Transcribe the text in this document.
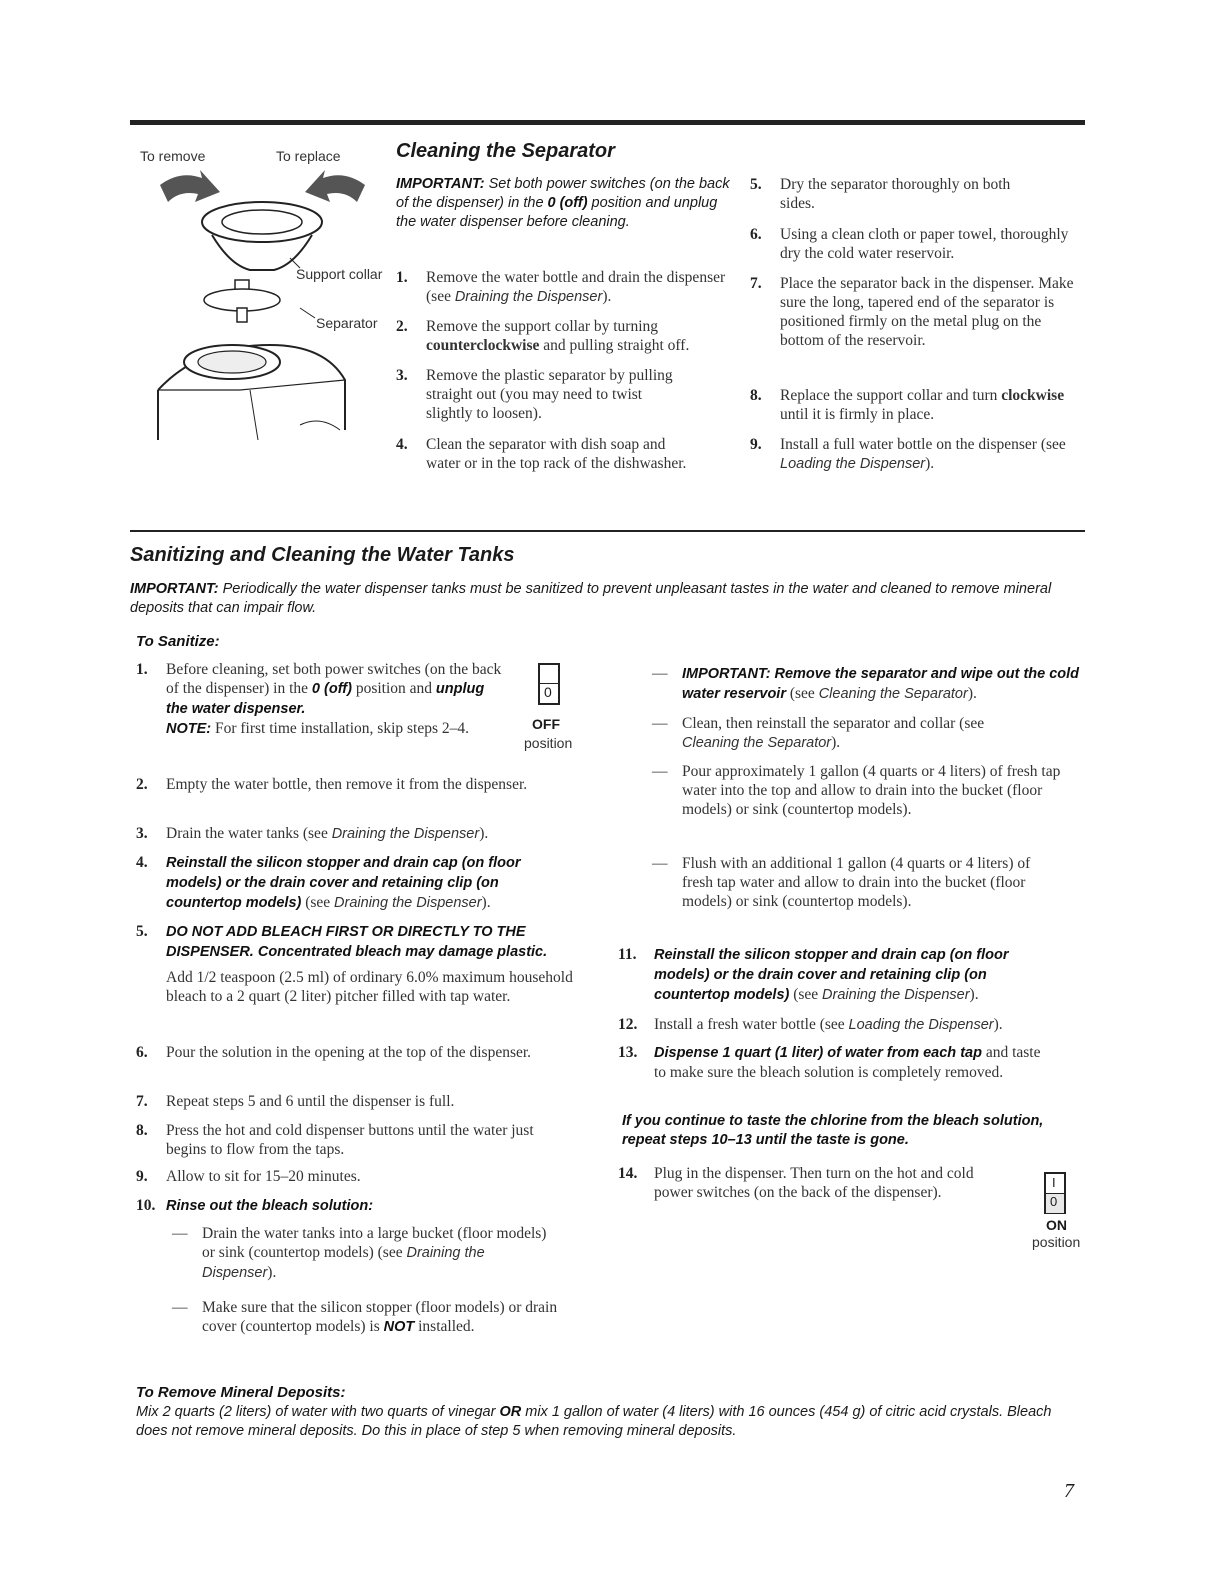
To remove	To replace
Support collar
Separator
Cleaning the Separator
IMPORTANT: Set both power switches (on the back of the dispenser) in the 0 (off) position and unplug the water dispenser before cleaning.
1. Remove the water bottle and drain the dispenser (see Draining the Dispenser).
2. Remove the support collar by turning counterclockwise and pulling straight off.
3. Remove the plastic separator by pulling straight out (you may need to twist slightly to loosen).
4. Clean the separator with dish soap and water or in the top rack of the dishwasher.
5. Dry the separator thoroughly on both sides.
6. Using a clean cloth or paper towel, thoroughly dry the cold water reservoir.
7. Place the separator back in the dispenser. Make sure the long, tapered end of the separator is positioned firmly on the metal plug on the bottom of the reservoir.
8. Replace the support collar and turn clockwise until it is firmly in place.
9. Install a full water bottle on the dispenser (see Loading the Dispenser).
Sanitizing and Cleaning the Water Tanks
IMPORTANT: Periodically the water dispenser tanks must be sanitized to prevent unpleasant tastes in the water and cleaned to remove mineral deposits that can impair flow.
To Sanitize:
1. Before cleaning, set both power switches (on the back of the dispenser) in the 0 (off) position and unplug the water dispenser.
NOTE: For first time installation, skip steps 2–4.
0
OFF
position
2. Empty the water bottle, then remove it from the dispenser.
3. Drain the water tanks (see Draining the Dispenser).
4. Reinstall the silicon stopper and drain cap (on floor models) or the drain cover and retaining clip (on countertop models) (see Draining the Dispenser).
5. DO NOT ADD BLEACH FIRST OR DIRECTLY TO THE DISPENSER. Concentrated bleach may damage plastic.
Add 1/2 teaspoon (2.5 ml) of ordinary 6.0% maximum household bleach to a 2 quart (2 liter) pitcher filled with tap water.
6. Pour the solution in the opening at the top of the dispenser.
7. Repeat steps 5 and 6 until the dispenser is full.
8. Press the hot and cold dispenser buttons until the water just begins to flow from the taps.
9. Allow to sit for 15–20 minutes.
10. Rinse out the bleach solution:
— Drain the water tanks into a large bucket (floor models) or sink (countertop models) (see Draining the Dispenser).
— Make sure that the silicon stopper (floor models) or drain cover (countertop models) is NOT installed.
— IMPORTANT: Remove the separator and wipe out the cold water reservoir (see Cleaning the Separator).
— Clean, then reinstall the separator and collar (see Cleaning the Separator).
— Pour approximately 1 gallon (4 quarts or 4 liters) of fresh tap water into the top and allow to drain into the bucket (floor models) or sink (countertop models).
— Flush with an additional 1 gallon (4 quarts or 4 liters) of fresh tap water and allow to drain into the bucket (floor models) or sink (countertop models).
11. Reinstall the silicon stopper and drain cap (on floor models) or the drain cover and retaining clip (on countertop models) (see Draining the Dispenser).
12. Install a fresh water bottle (see Loading the Dispenser).
13. Dispense 1 quart (1 liter) of water from each tap and taste to make sure the bleach solution is completely removed.
If you continue to taste the chlorine from the bleach solution, repeat steps 10–13 until the taste is gone.
14. Plug in the dispenser. Then turn on the hot and cold power switches (on the back of the dispenser).
I
0
ON
position
To Remove Mineral Deposits:
Mix 2 quarts (2 liters) of water with two quarts of vinegar OR mix 1 gallon of water (4 liters) with 16 ounces (454 g) of citric acid crystals. Bleach does not remove mineral deposits. Do this in place of step 5 when removing mineral deposits.
7
